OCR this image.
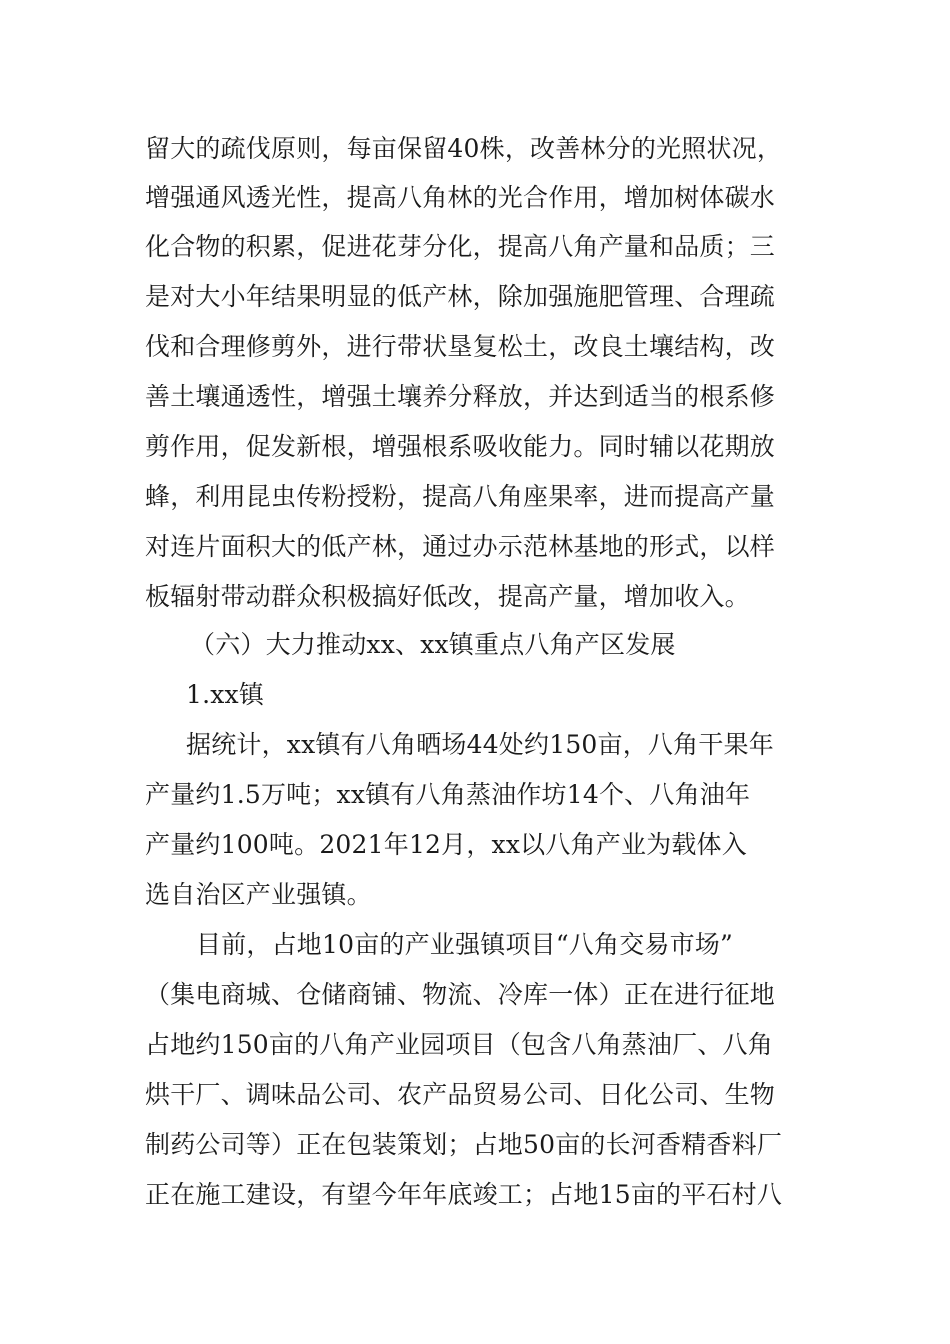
留大的疏伐原则，每亩保留40株，改善林分的光照状况，
增强通风透光性，提高八角林的光合作用，增加树体碳水
化合物的积累，促进花芽分化，提高八角产量和品质；三
是对大小年结果明显的低产林，除加强施肥管理、合理疏
伐和合理修剪外，进行带状垦复松土，改良土壤结构，改
善土壤通透性，增强土壤养分释放，并达到适当的根系修
剪作用，促发新根，增强根系吸收能力。同时辅以花期放
蜂，利用昆虫传粉授粉，提高八角座果率，进而提高产量
对连片面积大的低产林，通过办示范林基地的形式，以样
板辐射带动群众积极搞好低改，提高产量，增加收入。
（六）大力推动xx、xx镇重点八角产区发展
1.xx镇
据统计，xx镇有八角晒场44处约150亩，八角干果年
产量约1.5万吨；xx镇有八角蒸油作坊14个、八角油年
产量约100吨。2021年12月，xx以八角产业为载体入
选自治区产业强镇。
目前，占地10亩的产业强镇项目“八角交易市场”
（集电商城、仓储商铺、物流、冷库一体）正在进行征地
占地约150亩的八角产业园项目（包含八角蒸油厂、八角
烘干厂、调味品公司、农产品贸易公司、日化公司、生物
制药公司等）正在包装策划；占地50亩的长河香精香料厂
正在施工建设，有望今年年底竣工；占地15亩的平石村八
